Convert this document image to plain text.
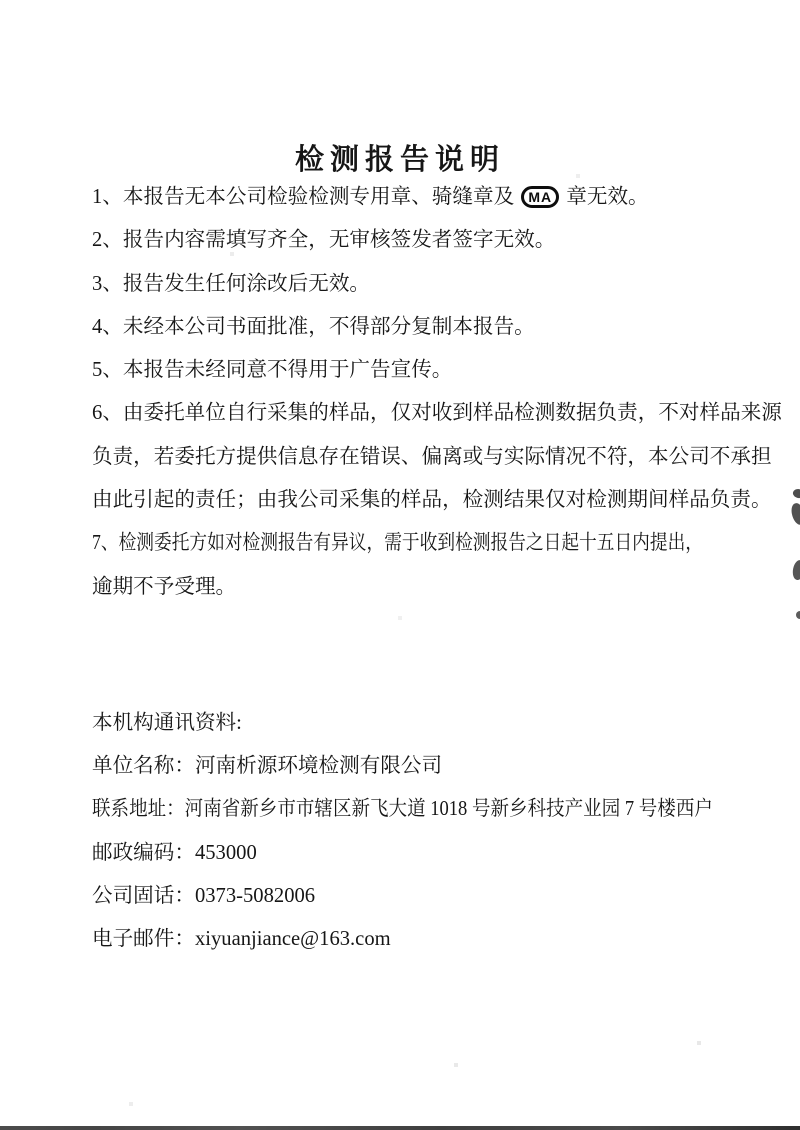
检测报告说明
1、本报告无本公司检验检测专用章、骑缝章及 MA 章无效。
2、报告内容需填写齐全，无审核签发者签字无效。
3、报告发生任何涂改后无效。
4、未经本公司书面批准，不得部分复制本报告。
5、本报告未经同意不得用于广告宣传。
6、由委托单位自行采集的样品，仅对收到样品检测数据负责，不对样品来源
负责，若委托方提供信息存在错误、偏离或与实际情况不符，本公司不承担
由此引起的责任；由我公司采集的样品，检测结果仅对检测期间样品负责。
7、检测委托方如对检测报告有异议，需于收到检测报告之日起十五日内提出，
逾期不予受理。
本机构通讯资料:
单位名称：河南析源环境检测有限公司
联系地址：河南省新乡市市辖区新飞大道 1018 号新乡科技产业园 7 号楼西户
邮政编码：453000
公司固话：0373-5082006
电子邮件：xiyuanjiance@163.com
